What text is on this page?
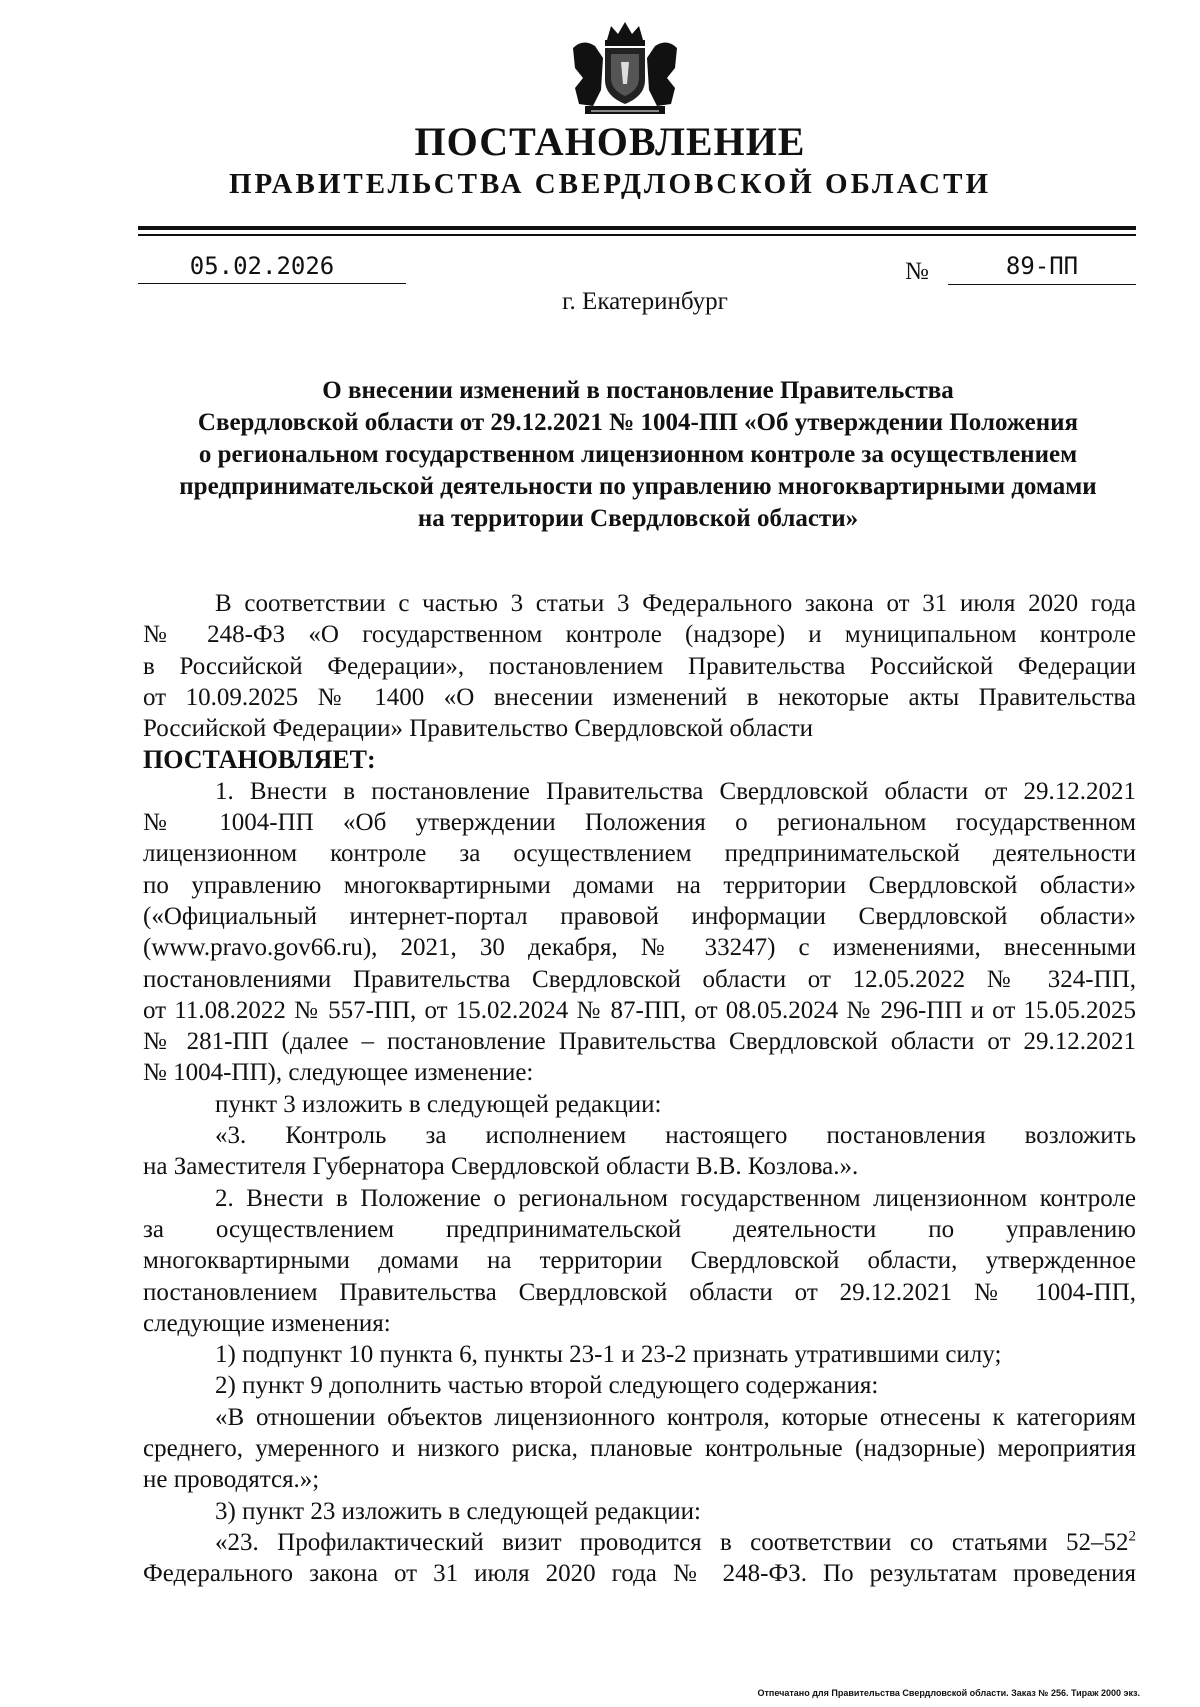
ПОСТАНОВЛЕНИЕ
ПРАВИТЕЛЬСТВА СВЕРДЛОВСКОЙ ОБЛАСТИ
05.02.2026	№	89-ПП
г. Екатеринбург
О внесении изменений в постановление Правительства
Свердловской области от 29.12.2021 № 1004-ПП «Об утверждении Положения
о региональном государственном лицензионном контроле за осуществлением
предпринимательской деятельности по управлению многоквартирными домами
на территории Свердловской области»

В соответствии с частью 3 статьи 3 Федерального закона от 31 июля 2020 года

№ 248-ФЗ «О государственном контроле (надзоре) и муниципальном контроле

в Российской Федерации», постановлением Правительства Российской Федерации

от 10.09.2025 № 1400 «О внесении изменений в некоторые акты Правительства

Российской Федерации» Правительство Свердловской области

ПОСТАНОВЛЯЕТ:

1. Внести в постановление Правительства Свердловской области от 29.12.2021

№ 1004-ПП «Об утверждении Положения о региональном государственном

лицензионном контроле за осуществлением предпринимательской деятельности

по управлению многоквартирными домами на территории Свердловской области»

(«Официальный интернет-портал правовой информации Свердловской области»

(www.pravo.gov66.ru), 2021, 30 декабря, № 33247) с изменениями, внесенными

постановлениями Правительства Свердловской области от 12.05.2022 № 324-ПП,

от 11.08.2022 № 557-ПП, от 15.02.2024 № 87-ПП, от 08.05.2024 № 296-ПП и от 15.05.2025

№ 281-ПП (далее – постановление Правительства Свердловской области от 29.12.2021

№ 1004-ПП), следующее изменение:

пункт 3 изложить в следующей редакции:

«3. Контроль за исполнением настоящего постановления возложить

на Заместителя Губернатора Свердловской области В.В. Козлова.».

2. Внести в Положение о региональном государственном лицензионном контроле

за осуществлением предпринимательской деятельности по управлению

многоквартирными домами на территории Свердловской области, утвержденное

постановлением Правительства Свердловской области от 29.12.2021 № 1004-ПП,

следующие изменения:

1) подпункт 10 пункта 6, пункты 23-1 и 23-2 признать утратившими силу;

2) пункт 9 дополнить частью второй следующего содержания:

«В отношении объектов лицензионного контроля, которые отнесены к категориям

среднего, умеренного и низкого риска, плановые контрольные (надзорные) мероприятия

не проводятся.»;

3) пункт 23 изложить в следующей редакции:

«23. Профилактический визит проводится в соответствии со статьями $52-52^2$

Федерального закона от 31 июля 2020 года № 248-ФЗ. По результатам проведения

Отпечатано для Правительства Свердловской области. Заказ № 256. Тираж 2000 экз.
